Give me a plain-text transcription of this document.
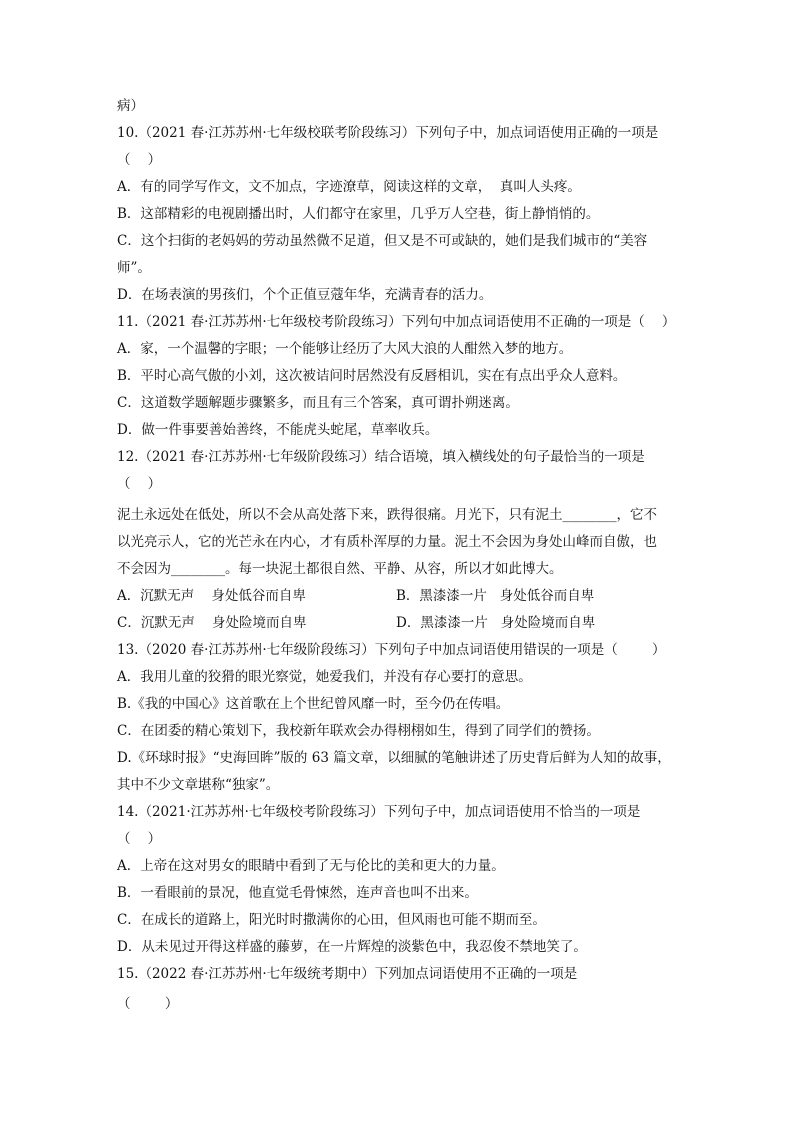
病）
10.（2021 春·江苏苏州·七年级校联考阶段练习）下列句子中，加点词语使用正确的一项是
（    ）
A．有的同学写作文，文不加点，字迹潦草，阅读这样的文章，  真叫人头疼。
B．这部精彩的电视剧播出时，人们都守在家里，几乎万人空巷，街上静悄悄的。
C．这个扫街的老妈妈的劳动虽然微不足道，但又是不可或缺的，她们是我们城市的“美容
师”。
D．在场表演的男孩们，个个正值豆蔻年华，充满青春的活力。
11.（2021 春·江苏苏州·七年级校考阶段练习）下列句中加点词语使用不正确的一项是（    ）
A．家，一个温馨的字眼；一个能够让经历了大风大浪的人酣然入梦的地方。
B．平时心高气傲的小刘，这次被诘问时居然没有反唇相讥，实在有点出乎众人意料。
C．这道数学题解题步骤繁多，而且有三个答案，真可谓扑朔迷离。
D．做一件事要善始善终，不能虎头蛇尾，草率收兵。
12.（2021 春·江苏苏州·七年级阶段练习）结合语境，填入横线处的句子最恰当的一项是
（    ）
泥土永远处在低处，所以不会从高处落下来，跌得很痛。月光下，只有泥土________，它不
以光亮示人，它的光芒永在内心，才有质朴浑厚的力量。泥土不会因为身处山峰而自傲，也
不会因为________。每一块泥土都很自然、平静、从容，所以才如此博大。
A．沉默无声    身处低谷而自卑	B．黑漆漆一片   身处低谷而自卑
C．沉默无声    身处险境而自卑	D．黑漆漆一片   身处险境而自卑
13.（2020 春·江苏苏州·七年级阶段练习）下列句子中加点词语使用错误的一项是（        ）
A．我用儿童的狡猾的眼光察觉，她爱我们，并没有存心要打的意思。
B.《我的中国心》这首歌在上个世纪曾风靡一时，至今仍在传唱。
C．在团委的精心策划下，我校新年联欢会办得栩栩如生，得到了同学们的赞扬。
D.《环球时报》“史海回眸”版的 63 篇文章，以细腻的笔触讲述了历史背后鲜为人知的故事，
其中不少文章堪称“独家”。
14.（2021·江苏苏州·七年级校考阶段练习）下列句子中，加点词语使用不恰当的一项是
（    ）
A．上帝在这对男女的眼睛中看到了无与伦比的美和更大的力量。
B．一看眼前的景况，他直觉毛骨悚然，连声音也叫不出来。
C．在成长的道路上，阳光时时撒满你的心田，但风雨也可能不期而至。
D．从未见过开得这样盛的藤萝，在一片辉煌的淡紫色中，我忍俊不禁地笑了。
15.（2022 春·江苏苏州·七年级统考期中）下列加点词语使用不正确的一项是
（        ）
